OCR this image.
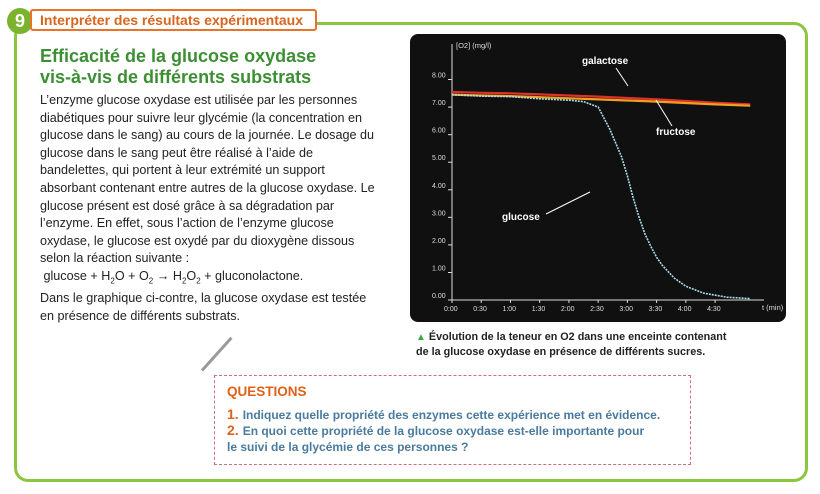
9	Interpréter des résultats expérimentaux
Efficacité de la glucose oxydase
vis-à-vis de différents substrats

L’enzyme glucose oxydase est utilisée par les personnes diabétiques pour suivre leur glycémie (la concentration en glucose dans le sang) au cours de la journée. Le dosage du glucose dans le sang peut être réalisé à l’aide de bandelettes, qui portent à leur extrémité un support absorbant contenant entre autres de la glucose oxydase. Le glucose présent est dosé grâce à sa dégradation par l’enzyme. En effet, sous l’action de l’enzyme glucose oxydase, le glucose est oxydé par du dioxygène dissous selon la réaction suivante :

$glucose + H_2O + O_2 \to H_2O_2$ + gluconolactone.

Dans le graphique ci-contre, la glucose oxydase est testée en présence de différents substrats.

[O2] (mg/l)
t (min)
0.00
1.00
2.00
3.00
4.00
5.00
6.00
7.00
8.00
0:00 0:30 1:00 1:30 2:00 2:30 3:00 3:30 4:00 4:30
galactose
fructose
glucose
▲ Évolution de la teneur en O2 dans une enceinte contenant
de la glucose oxydase en présence de différents sucres.
QUESTIONS
1. Indiquez quelle propriété des enzymes cette expérience met en évidence.
2. En quoi cette propriété de la glucose oxydase est-elle importante pour
le suivi de la glycémie de ces personnes ?
